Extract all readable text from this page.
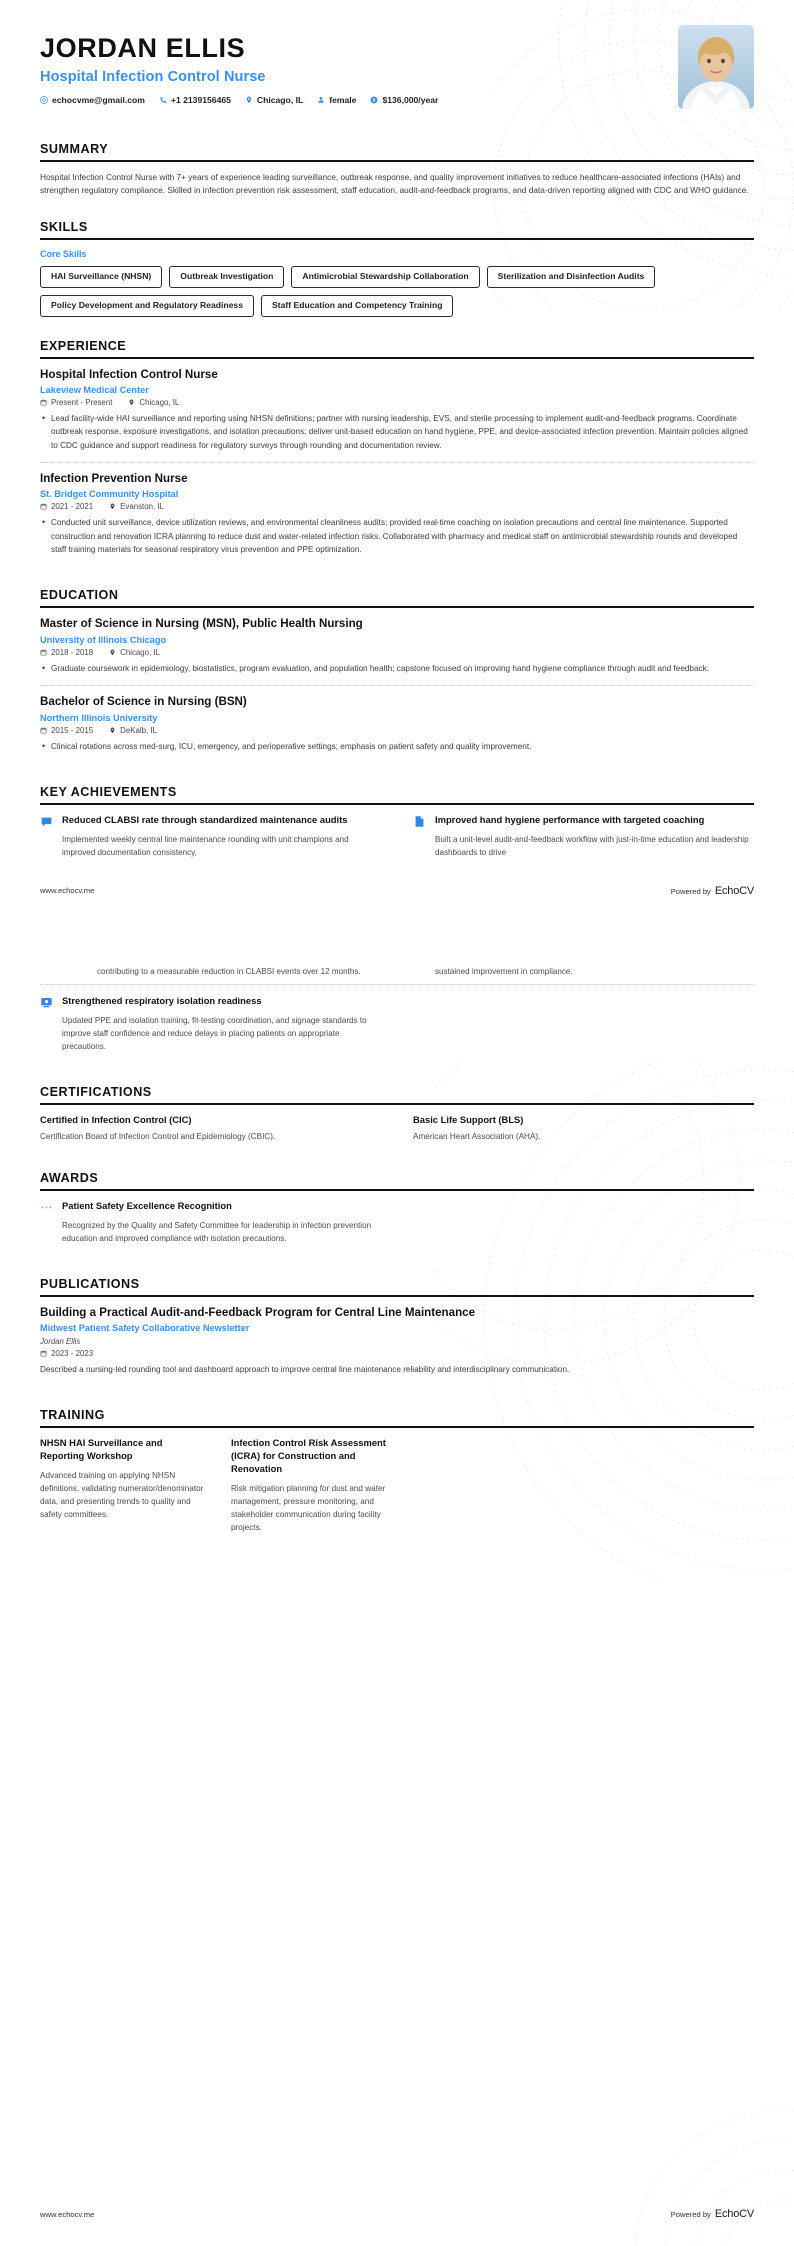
JORDAN ELLIS
Hospital Infection Control Nurse
echocvme@gmail.com	+1 2139156465	Chicago, IL	female $ $136,000/year
SUMMARY
Hospital Infection Control Nurse with 7+ years of experience leading surveillance, outbreak response, and quality improvement initiatives to reduce healthcare-associated infections (HAIs) and strengthen regulatory compliance. Skilled in infection prevention risk assessment, staff education, audit-and-feedback programs, and data-driven reporting aligned with CDC and WHO guidance.
SKILLS
Core Skills
HAI Surveillance (NHSN)	Outbreak Investigation	Antimicrobial Stewardship Collaboration	Sterilization and Disinfection Audits
Policy Development and Regulatory Readiness	Staff Education and Competency Training
EXPERIENCE
Hospital Infection Control Nurse
Lakeview Medical Center
Present - Present	Chicago, IL
• Lead facility-wide HAI surveillance and reporting using NHSN definitions; partner with nursing leadership, EVS, and sterile processing to implement audit-and-feedback programs. Coordinate outbreak response, exposure investigations, and isolation precautions; deliver unit-based education on hand hygiene, PPE, and device-associated infection prevention. Maintain policies aligned to CDC guidance and support readiness for regulatory surveys through rounding and documentation review.
Infection Prevention Nurse
St. Bridget Community Hospital
2021 - 2021	Evanston, IL
• Conducted unit surveillance, device utilization reviews, and environmental cleanliness audits; provided real-time coaching on isolation precautions and central line maintenance. Supported construction and renovation ICRA planning to reduce dust and water-related infection risks. Collaborated with pharmacy and medical staff on antimicrobial stewardship rounds and developed staff training materials for seasonal respiratory virus prevention and PPE optimization.
EDUCATION
Master of Science in Nursing (MSN), Public Health Nursing
University of Illinois Chicago
2018 - 2018	Chicago, IL
• Graduate coursework in epidemiology, biostatistics, program evaluation, and population health; capstone focused on improving hand hygiene compliance through audit and feedback.
Bachelor of Science in Nursing (BSN)
Northern Illinois University
2015 - 2015	DeKalb, IL
• Clinical rotations across med-surg, ICU, emergency, and perioperative settings; emphasis on patient safety and quality improvement.
KEY ACHIEVEMENTS
Reduced CLABSI rate through standardized maintenance audits
Implemented weekly central line maintenance rounding with unit champions and improved documentation consistency,
Improved hand hygiene performance with targeted coaching
Built a unit-level audit-and-feedback workflow with just-in-time education and leadership dashboards to drive
www.echocv.me	Powered by EchoCV
contributing to a measurable reduction in CLABSI events over 12 months.	sustained improvement in compliance.
Strengthened respiratory isolation readiness
Updated PPE and isolation training, fit-testing coordination, and signage standards to improve staff confidence and reduce delays in placing patients on appropriate precautions.
CERTIFICATIONS
Certified in Infection Control (CIC)
Certification Board of Infection Control and Epidemiology (CBIC).
Basic Life Support (BLS)
American Heart Association (AHA).
AWARDS
Patient Safety Excellence Recognition
Recognized by the Quality and Safety Committee for leadership in infection prevention education and improved compliance with isolation precautions.
PUBLICATIONS
Building a Practical Audit-and-Feedback Program for Central Line Maintenance
Midwest Patient Safety Collaborative Newsletter
Jordan Ellis
2023 - 2023
Described a nursing-led rounding tool and dashboard approach to improve central line maintenance reliability and interdisciplinary communication.
TRAINING
NHSN HAI Surveillance and Reporting Workshop
Advanced training on applying NHSN definitions, validating numerator/denominator data, and presenting trends to quality and safety committees.
Infection Control Risk Assessment (ICRA) for Construction and Renovation
Risk mitigation planning for dust and water management, pressure monitoring, and stakeholder communication during facility projects.
www.echocv.me	Powered by EchoCV
